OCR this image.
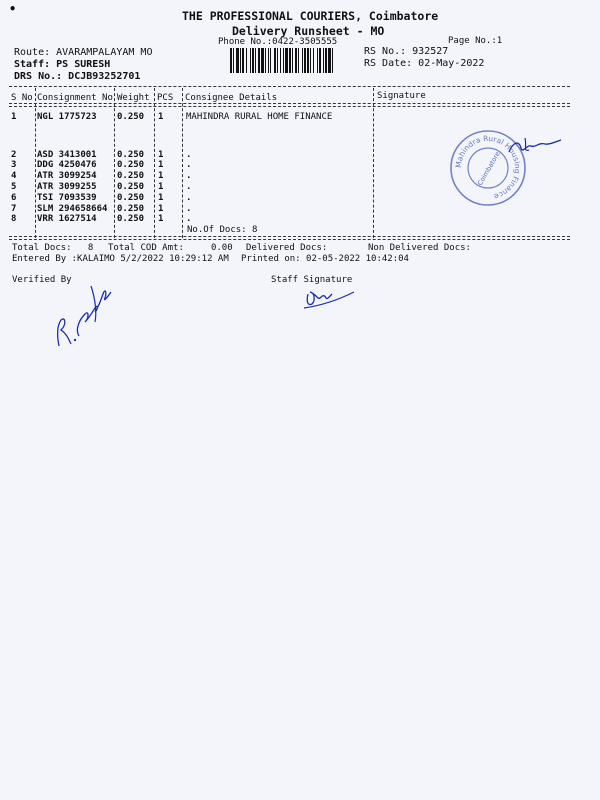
•	THE PROFESSIONAL COURIERS, Coimbatore
Delivery Runsheet - MO
Phone No.:0422-3505555	Page No.:1
Route: AVARAMPALAYAM MO
Staff: PS SURESH
DRS No.: DCJB93252701
RS No.: 932527
RS Date: 02-May-2022
S No Consignment No Weight PCS Consignee Details	Signature
1 NGL 1775723 0.250 1	MAHINDRA RURAL HOME FINANCE
2 ASD 3413001 0.250 1	.
3 DDG 4250476 0.250 1	.
4 ATR 3099254 0.250 1	.
5 ATR 3099255 0.250 1	.
6 TSI 7093539 0.250 1	.
7 SLM 294658664 0.250 1	.
8 VRR 1627514 0.250 1	.
No.Of Docs: 8
Total Docs:   8 Total COD Amt:     0.00 Delivered Docs:	Non Delivered Docs:
Entered By :KALAIMO 5/2/2022 10:29:12 AM Printed on: 02-05-2022 10:42:04
Verified By	Staff Signature
Mahindra Rural Housing Finance
Coimbatore
